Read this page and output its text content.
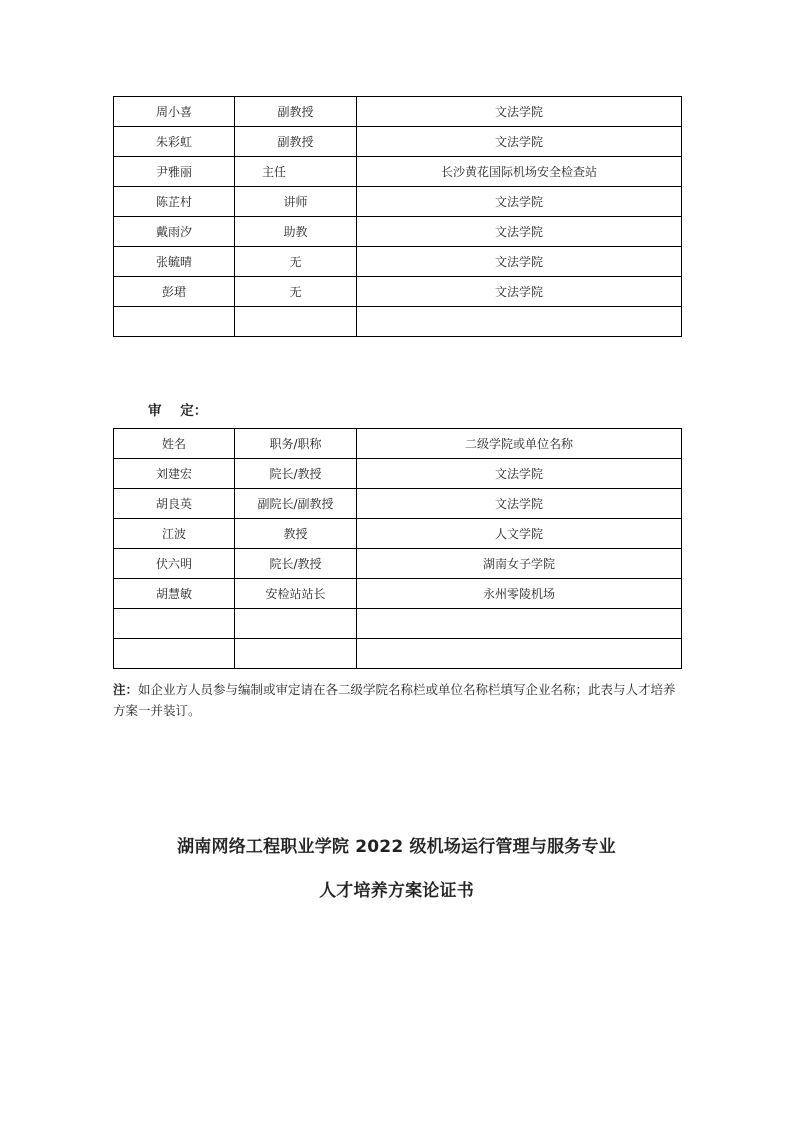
周小喜	副教授	文法学院
朱彩虹	副教授	文法学院
尹雅丽	主任	长沙黄花国际机场安全检查站
陈芷村	讲师	文法学院
戴雨汐	助教	文法学院
张毓晴	无	文法学院
彭珺	无	文法学院

审    定：
姓名	职务/职称	二级学院或单位名称
刘建宏	院长/教授	文法学院
胡良英	副院长/副教授	文法学院
江波	教授	人文学院
伏六明	院长/教授	湖南女子学院
胡慧敏	安检站站长	永州零陵机场

注：如企业方人员参与编制或审定请在各二级学院名称栏或单位名称栏填写企业名称；此表与人才培养方案一并装订。
湖南网络工程职业学院 2022 级机场运行管理与服务专业
人才培养方案论证书
